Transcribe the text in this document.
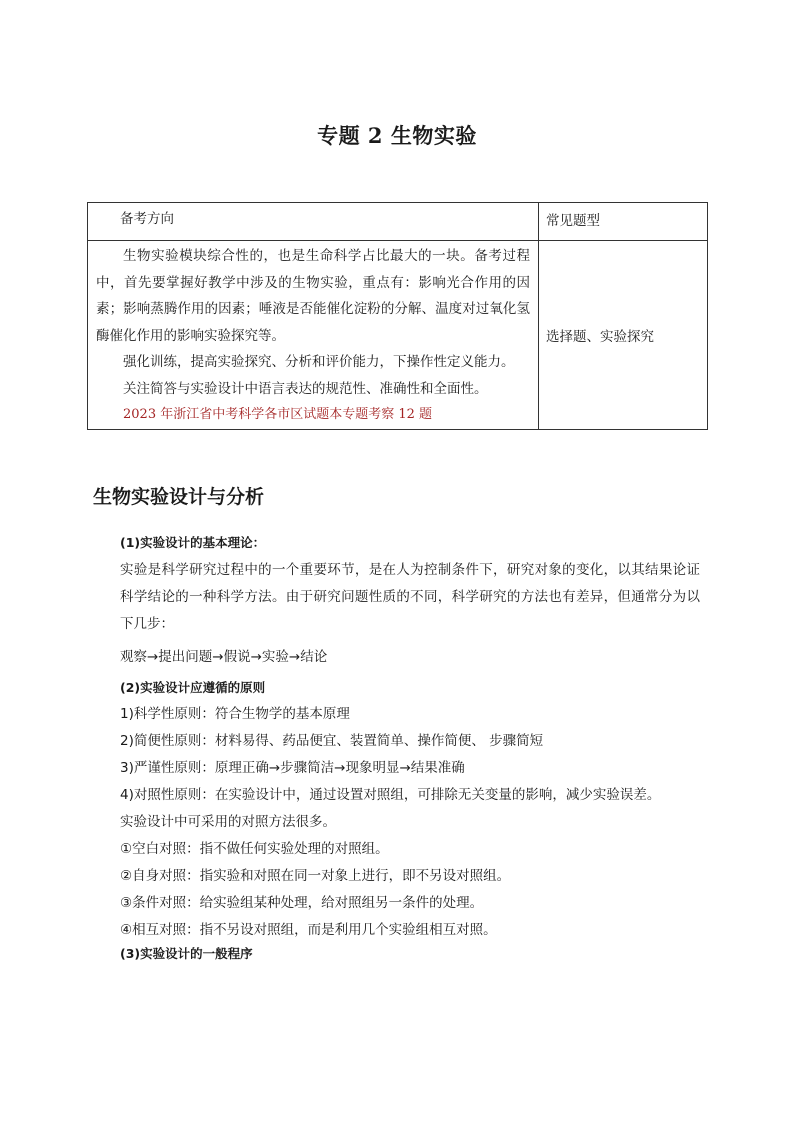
专题 2 生物实验
备考方向	常见题型

生物实验模块综合性的，也是生命科学占比最大的一块。备考过程中，首先要掌握好教学中涉及的生物实验，重点有：影响光合作用的因素；影响蒸腾作用的因素；唾液是否能催化淀粉的分解、温度对过氧化氢酶催化作用的影响实验探究等。

强化训练，提高实验探究、分析和评价能力，下操作性定义能力。

关注简答与实验设计中语言表达的规范性、准确性和全面性。

2023 年浙江省中考科学各市区试题本专题考察 12 题	选择题、实验探究
生物实验设计与分析
(1)实验设计的基本理论：
实验是科学研究过程中的一个重要环节，是在人为控制条件下，研究对象的变化，以其结果论证科学结论的一种科学方法。由于研究问题性质的不同，科学研究的方法也有差异，但通常分为以下几步：
观察→提出问题→假说→实验→结论
(2)实验设计应遵循的原则
1)科学性原则：符合生物学的基本原理
2)简便性原则：材料易得、药品便宜、装置简单、操作简便、 步骤简短
3)严谨性原则：原理正确→步骤简洁→现象明显→结果准确
4)对照性原则：在实验设计中，通过设置对照组，可排除无关变量的影响，减少实验误差。
实验设计中可采用的对照方法很多。
①空白对照：指不做任何实验处理的对照组。
②自身对照：指实验和对照在同一对象上进行，即不另设对照组。
③条件对照：给实验组某种处理，给对照组另一条件的处理。
④相互对照：指不另设对照组，而是利用几个实验组相互对照。
(3)实验设计的一般程序
